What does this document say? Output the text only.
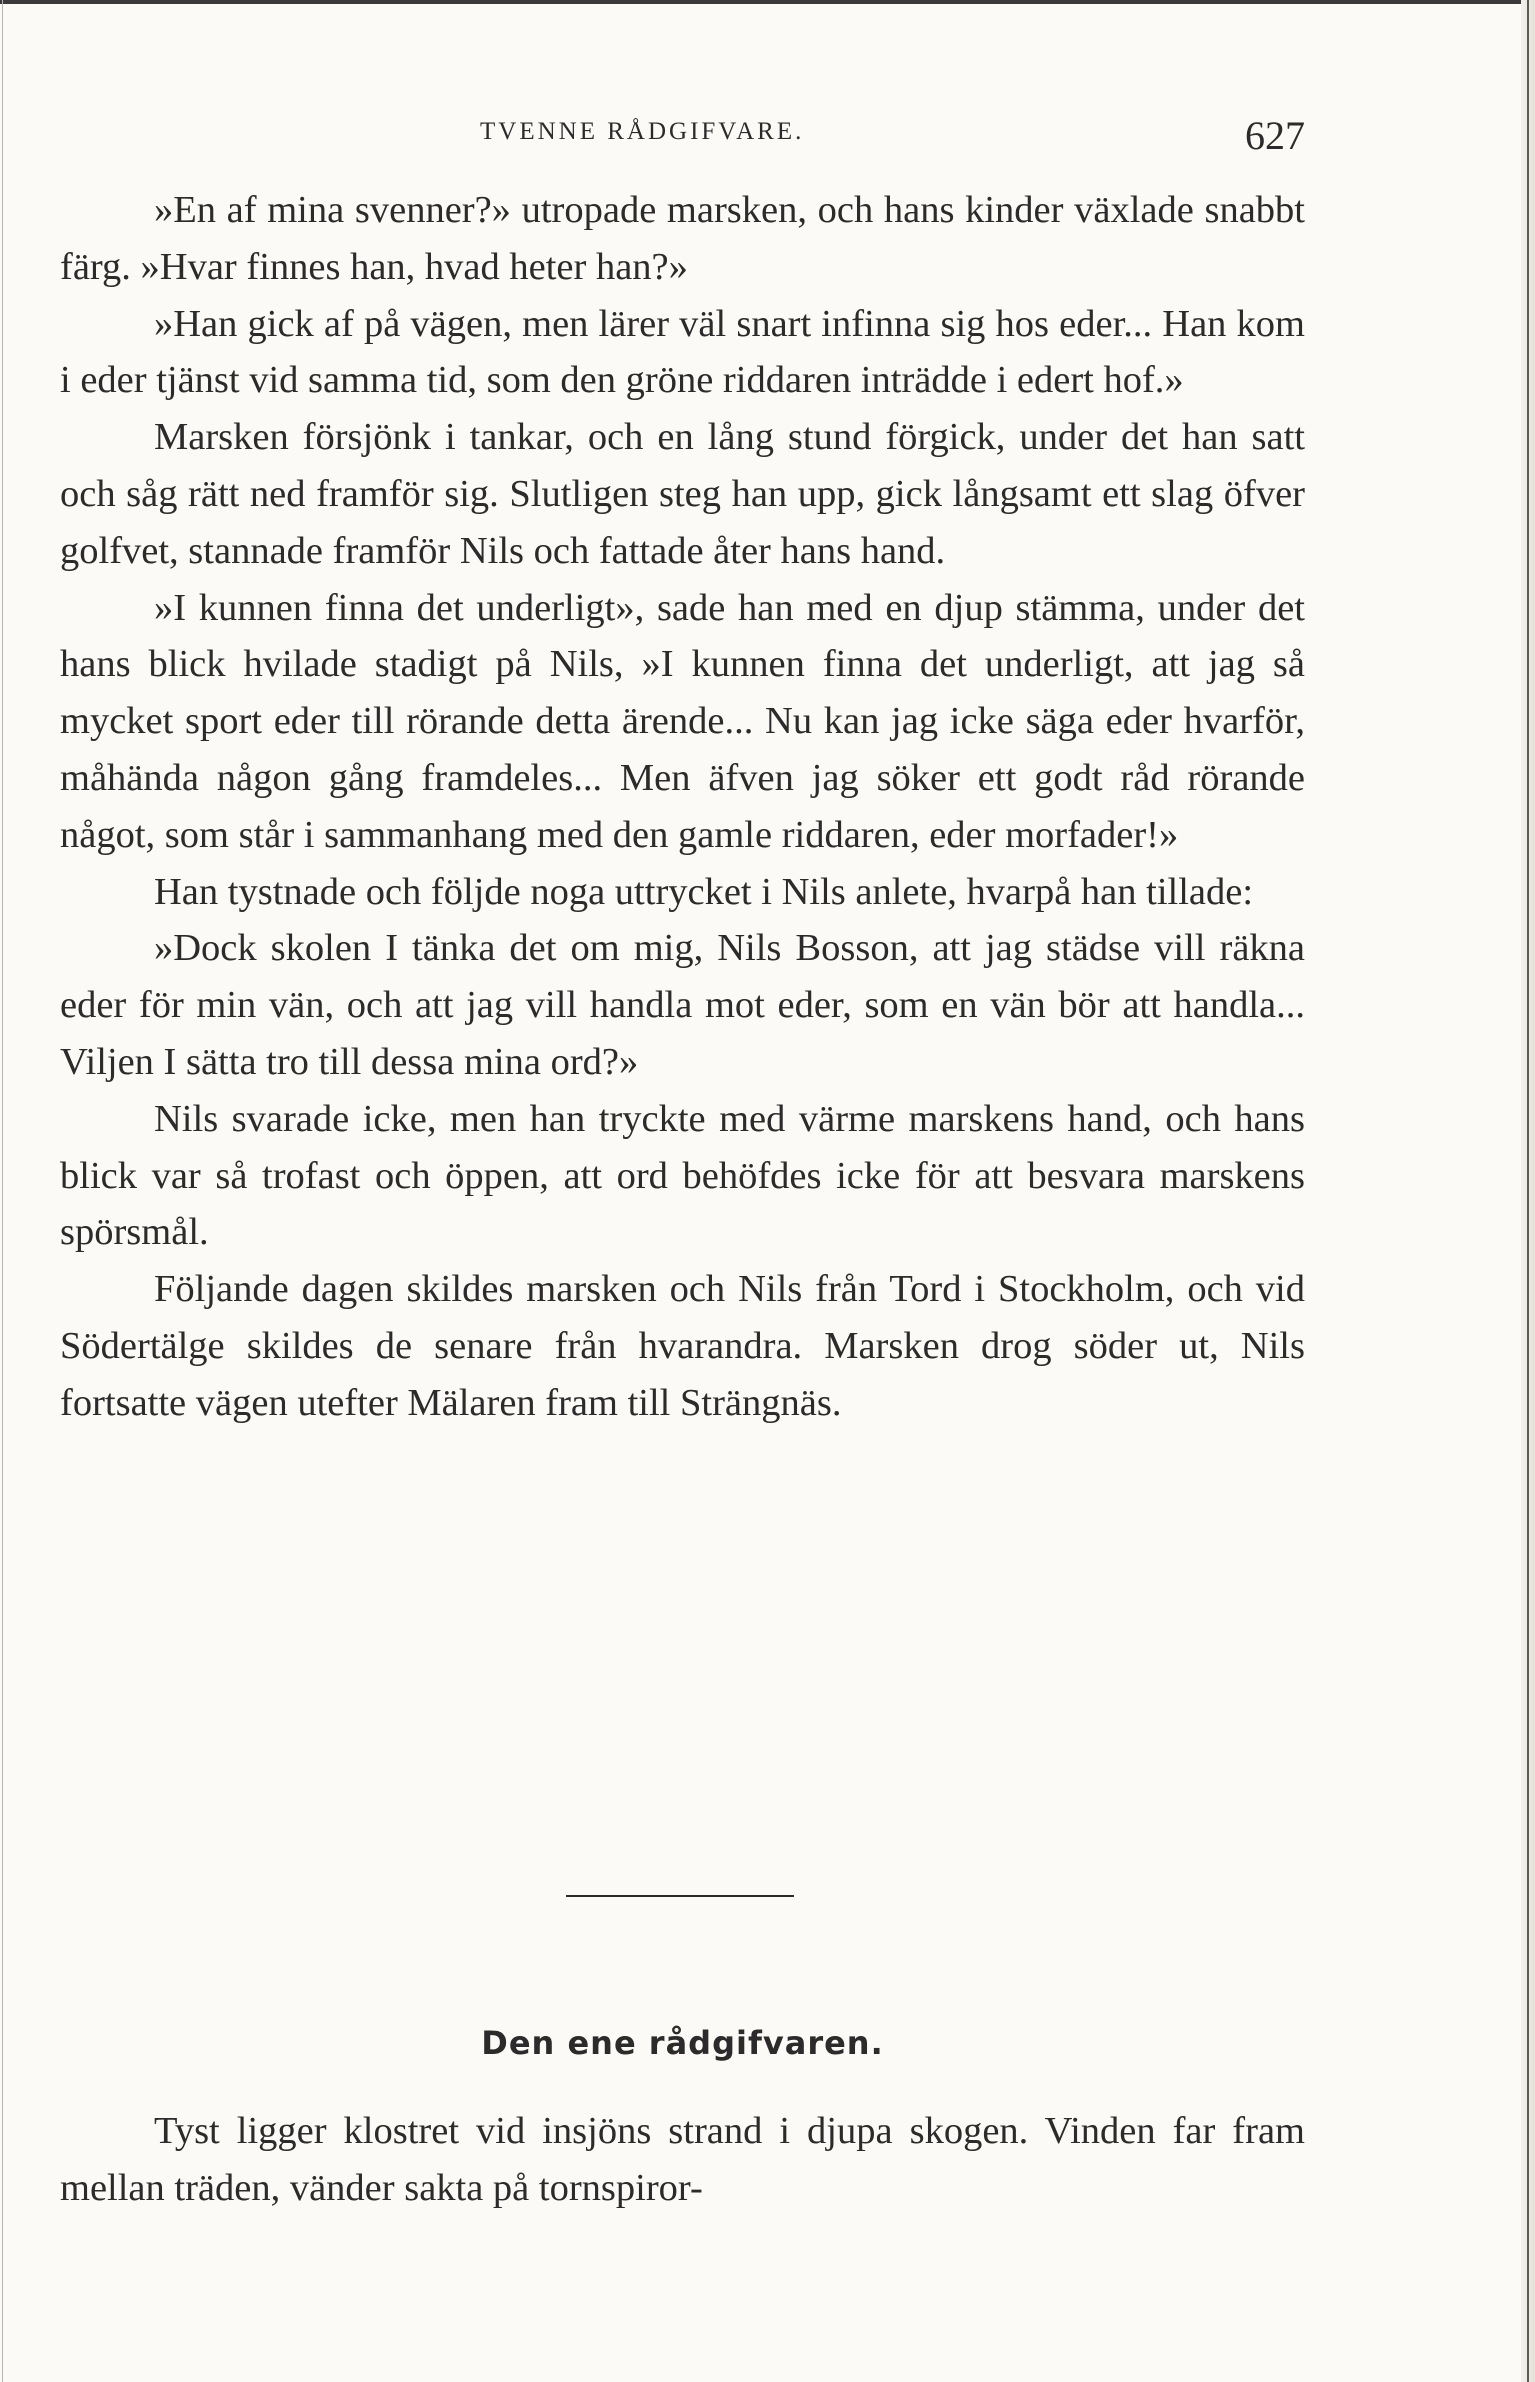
TVENNE RÅDGIFVARE.	627

»En af mina svenner?» utropade marsken, och hans kinder växlade snabbt färg. »Hvar finnes han, hvad heter han?»

»Han gick af på vägen, men lärer väl snart infinna sig hos eder... Han kom i eder tjänst vid samma tid, som den gröne riddaren inträdde i edert hof.»

Marsken försjönk i tankar, och en lång stund förgick, under det han satt och såg rätt ned framför sig. Slutligen steg han upp, gick långsamt ett slag öfver golfvet, stannade framför Nils och fattade åter hans hand.

»I kunnen finna det underligt», sade han med en djup stämma, under det hans blick hvilade stadigt på Nils, »I kunnen finna det underligt, att jag så mycket sport eder till rörande detta ärende... Nu kan jag icke säga eder hvarför, måhända någon gång framdeles... Men äfven jag söker ett godt råd rörande något, som står i sammanhang med den gamle riddaren, eder morfader!»

Han tystnade och följde noga uttrycket i Nils anlete, hvarpå han tillade:

»Dock skolen I tänka det om mig, Nils Bosson, att jag städse vill räkna eder för min vän, och att jag vill handla mot eder, som en vän bör att handla... Viljen I sätta tro till dessa mina ord?»

Nils svarade icke, men han tryckte med värme marskens hand, och hans blick var så trofast och öppen, att ord behöfdes icke för att besvara marskens spörsmål.

Följande dagen skildes marsken och Nils från Tord i Stockholm, och vid Södertälge skildes de senare från hvarandra. Marsken drog söder ut, Nils fortsatte vägen utefter Mälaren fram till Strängnäs.

Den ene rådgifvaren.

Tyst ligger klostret vid insjöns strand i djupa skogen. Vinden far fram mellan träden, vänder sakta på tornspiror-
